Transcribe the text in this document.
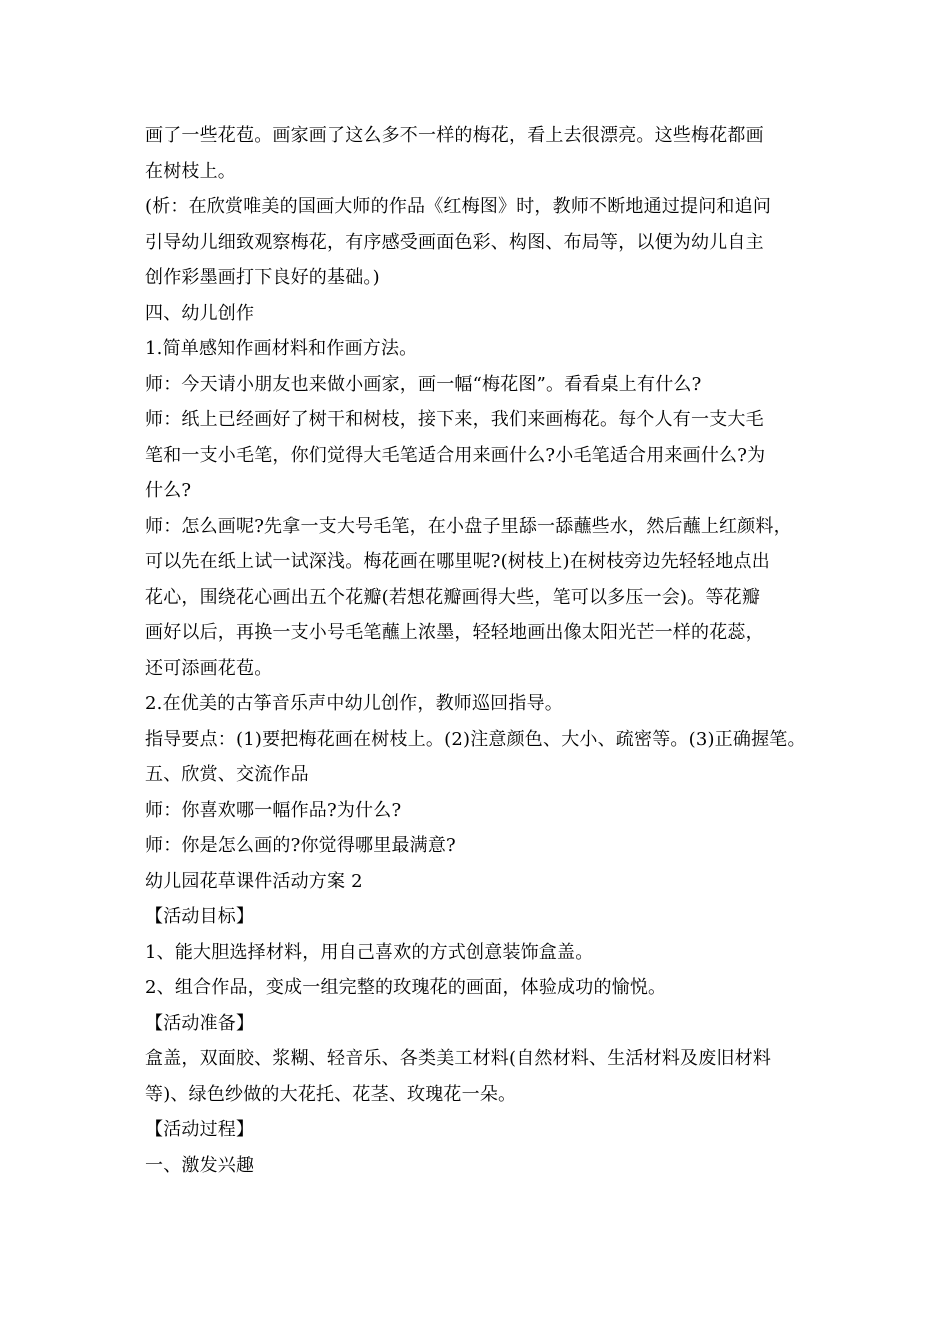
画了一些花苞。画家画了这么多不一样的梅花，看上去很漂亮。这些梅花都画
在树枝上。
(析：在欣赏唯美的国画大师的作品《红梅图》时，教师不断地通过提问和追问
引导幼儿细致观察梅花，有序感受画面色彩、构图、布局等，以便为幼儿自主
创作彩墨画打下良好的基础。)
四、幼儿创作
1.简单感知作画材料和作画方法。
师：今天请小朋友也来做小画家，画一幅“梅花图”。看看桌上有什么?
师：纸上已经画好了树干和树枝，接下来，我们来画梅花。每个人有一支大毛
笔和一支小毛笔，你们觉得大毛笔适合用来画什么?小毛笔适合用来画什么?为
什么?
师：怎么画呢?先拿一支大号毛笔，在小盘子里舔一舔蘸些水，然后蘸上红颜料，
可以先在纸上试一试深浅。梅花画在哪里呢?(树枝上)在树枝旁边先轻轻地点出
花心，围绕花心画出五个花瓣(若想花瓣画得大些，笔可以多压一会)。等花瓣
画好以后，再换一支小号毛笔蘸上浓墨，轻轻地画出像太阳光芒一样的花蕊，
还可添画花苞。
2.在优美的古筝音乐声中幼儿创作，教师巡回指导。
指导要点：(1)要把梅花画在树枝上。(2)注意颜色、大小、疏密等。(3)正确握笔。
五、欣赏、交流作品
师：你喜欢哪一幅作品?为什么?
师：你是怎么画的?你觉得哪里最满意?
幼儿园花草课件活动方案 2
【活动目标】
1、能大胆选择材料，用自己喜欢的方式创意装饰盒盖。
2、组合作品，变成一组完整的玫瑰花的画面，体验成功的愉悦。
【活动准备】
盒盖，双面胶、浆糊、轻音乐、各类美工材料(自然材料、生活材料及废旧材料
等)、绿色纱做的大花托、花茎、玫瑰花一朵。
【活动过程】
一、激发兴趣
